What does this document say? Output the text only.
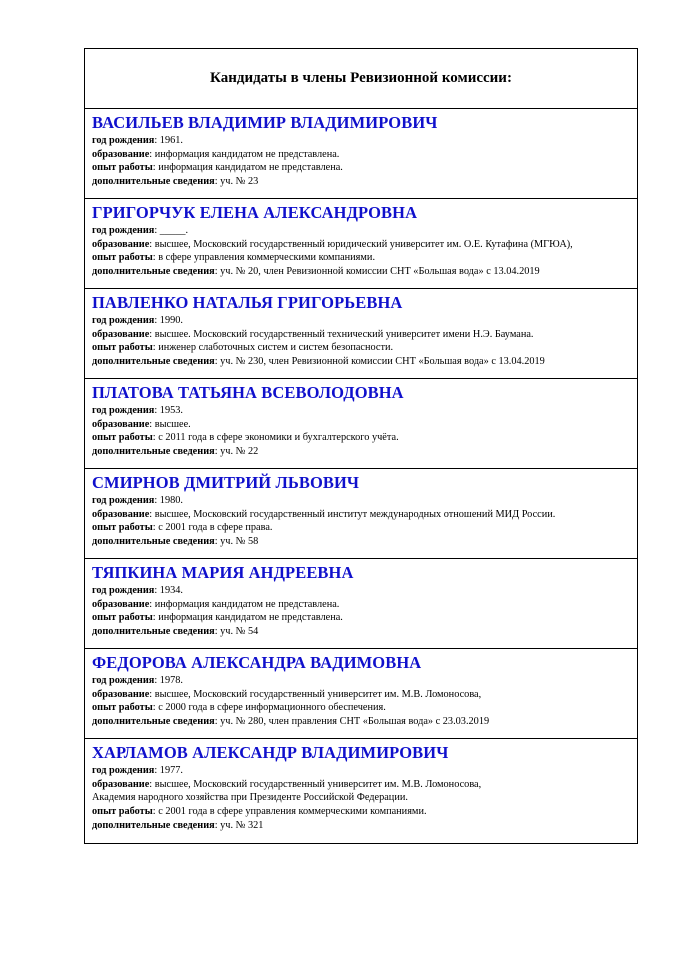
Кандидаты в члены Ревизионной комиссии:
ВАСИЛЬЕВ ВЛАДИМИР ВЛАДИМИРОВИЧ
год рождения: 1961.
образование: информация кандидатом не представлена.
опыт работы: информация кандидатом не представлена.
дополнительные сведения: уч. № 23
ГРИГОРЧУК ЕЛЕНА АЛЕКСАНДРОВНА
год рождения: _____.
образование: высшее, Московский государственный юридический университет им. О.Е. Кутафина (МГЮА),
опыт работы: в сфере управления коммерческими компаниями.
дополнительные сведения: уч. № 20, член Ревизионной комиссии СНТ «Большая вода» с 13.04.2019
ПАВЛЕНКО НАТАЛЬЯ ГРИГОРЬЕВНА
год рождения: 1990.
образование: высшее. Московский государственный технический университет имени Н.Э. Баумана.
опыт работы: инженер слаботочных систем и систем безопасности.
дополнительные сведения: уч. № 230, член Ревизионной комиссии СНТ «Большая вода» с 13.04.2019
ПЛАТОВА ТАТЬЯНА ВСЕВОЛОДОВНА
год рождения: 1953.
образование: высшее.
опыт работы: с 2011 года в сфере экономики и бухгалтерского учёта.
дополнительные сведения: уч. № 22
СМИРНОВ ДМИТРИЙ ЛЬВОВИЧ
год рождения: 1980.
образование: высшее, Московский государственный институт международных отношений МИД России.
опыт работы: с 2001 года в сфере права.
дополнительные сведения: уч. № 58
ТЯПКИНА МАРИЯ АНДРЕЕВНА
год рождения: 1934.
образование: информация кандидатом не представлена.
опыт работы: информация кандидатом не представлена.
дополнительные сведения: уч. № 54
ФЕДОРОВА АЛЕКСАНДРА ВАДИМОВНА
год рождения: 1978.
образование: высшее, Московский государственный университет им. М.В. Ломоносова,
опыт работы: с 2000 года в сфере информационного обеспечения.
дополнительные сведения: уч. № 280, член правления СНТ «Большая вода» с 23.03.2019
ХАРЛАМОВ АЛЕКСАНДР ВЛАДИМИРОВИЧ
год рождения: 1977.
образование: высшее, Московский государственный университет им. М.В. Ломоносова,
Академия народного хозяйства при Президенте Российской Федерации.
опыт работы: с 2001 года в сфере управления коммерческими компаниями.
дополнительные сведения: уч. № 321
